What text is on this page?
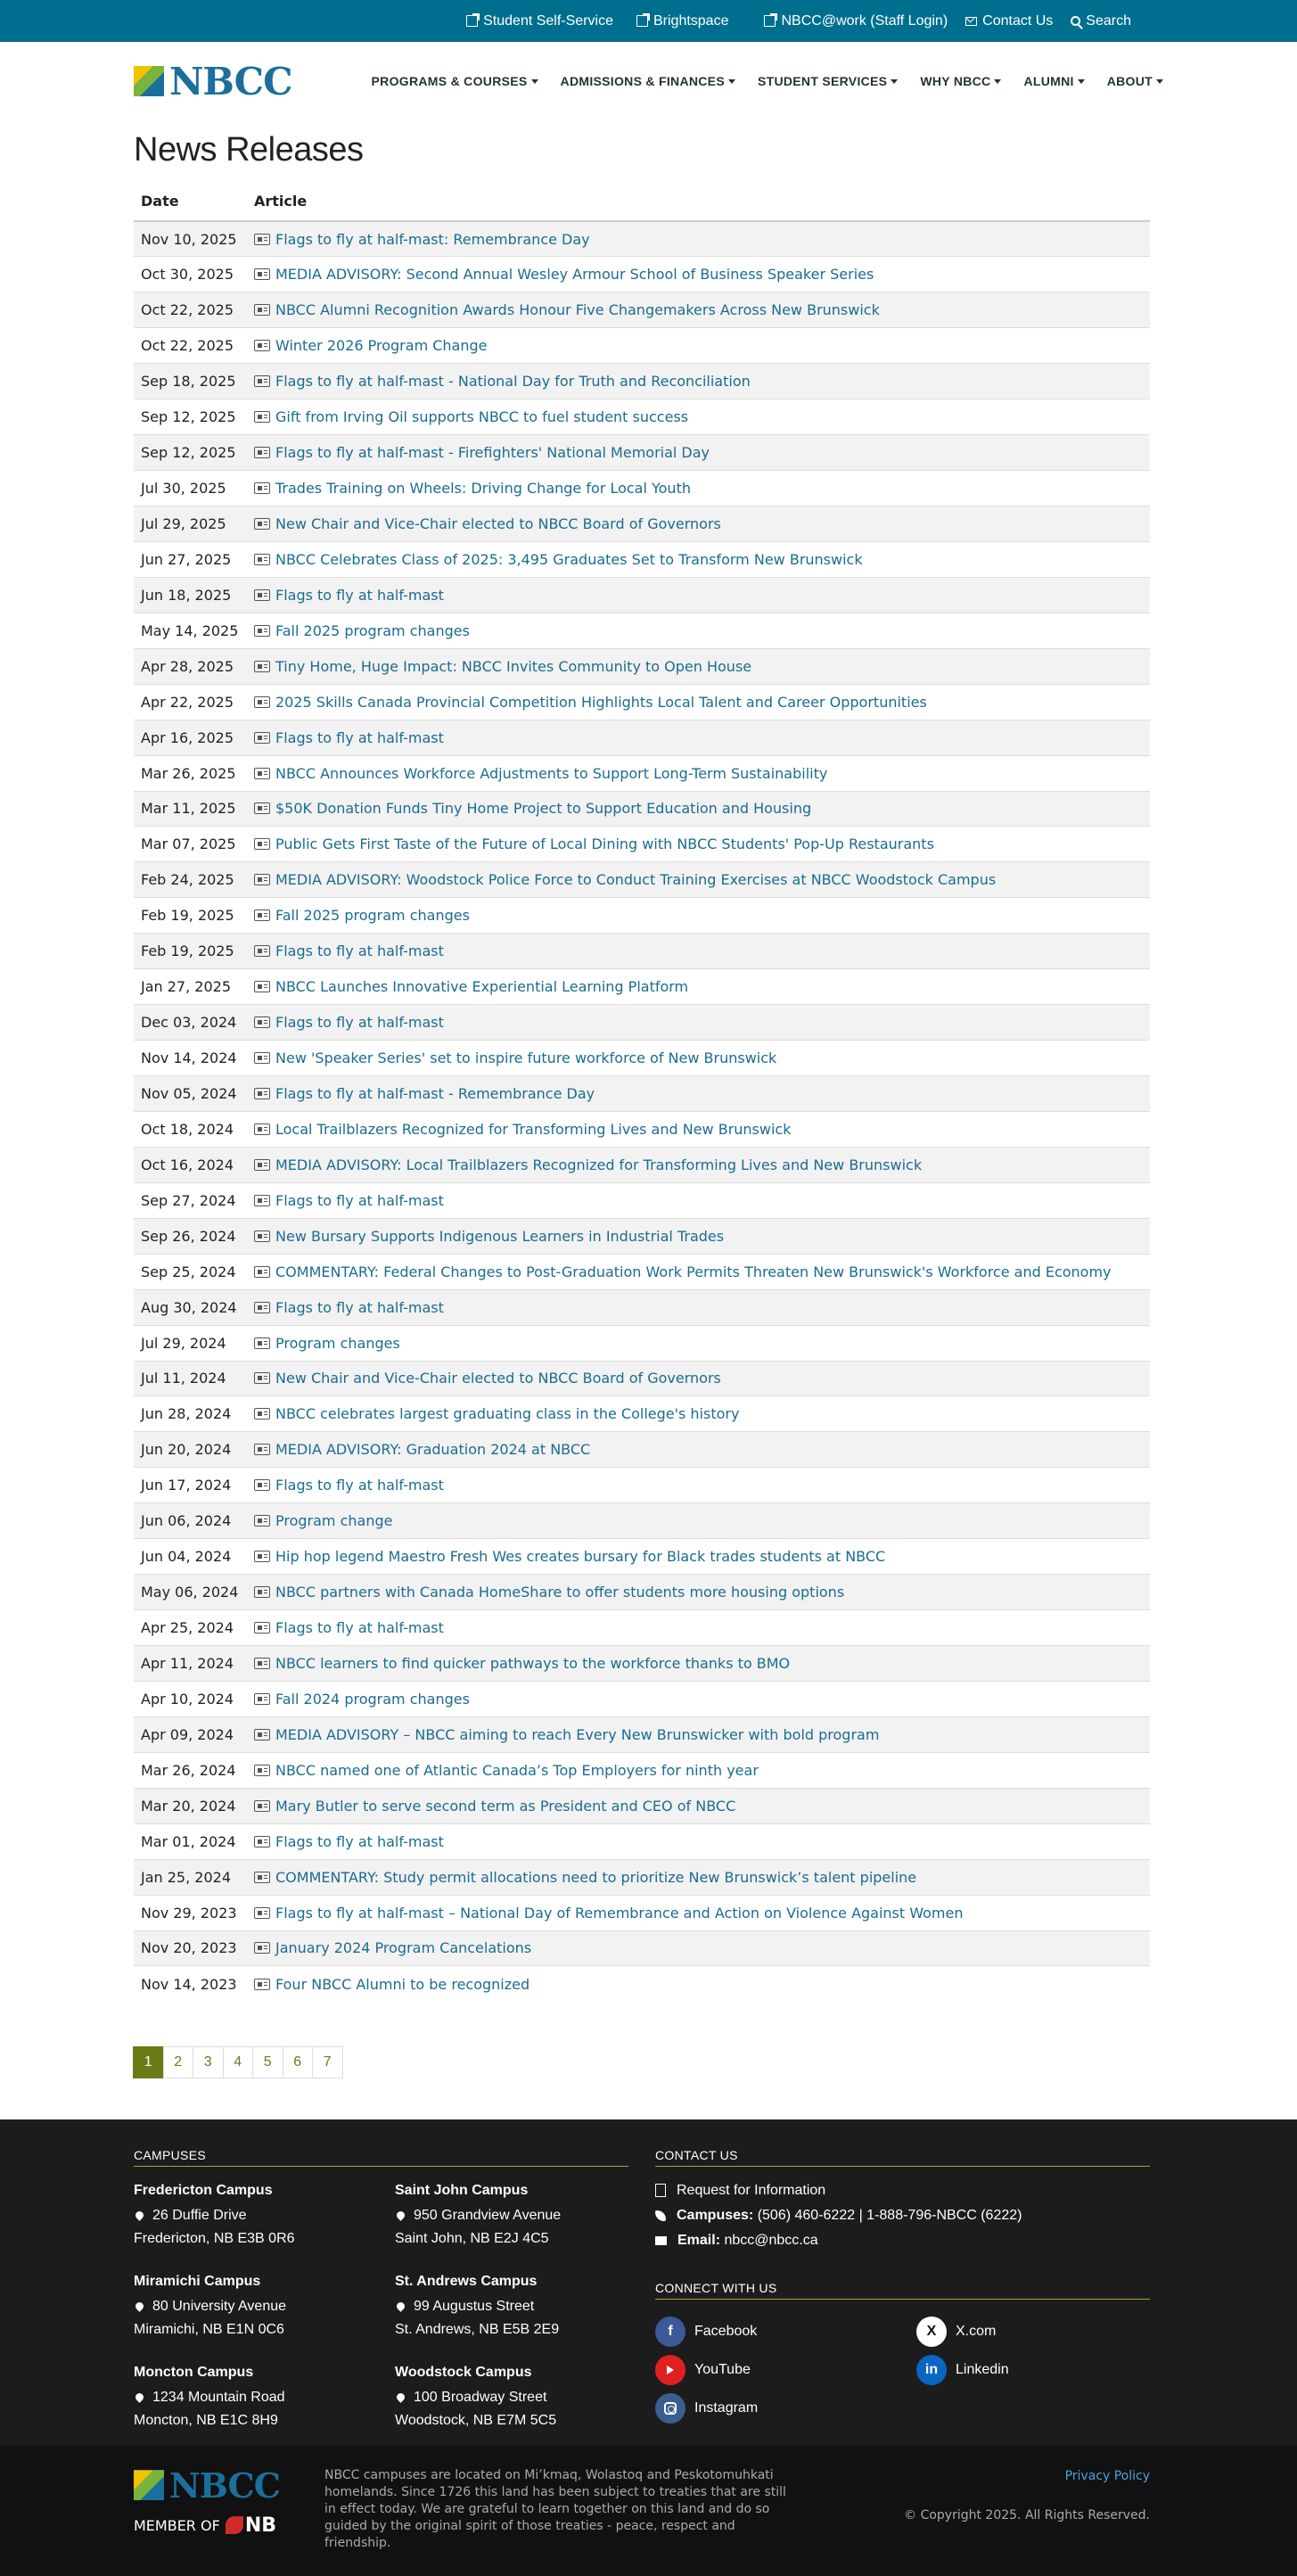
Student Self-Service	Brightspace	NBCC@work (Staff Login) Contact Us Search
NBCC	PROGRAMS & COURSES	ADMISSIONS & FINANCES	STUDENT SERVICES	WHY NBCC	ALUMNI	ABOUT
News Releases
Date	Article
Nov 10, 2025	Flags to fly at half-mast: Remembrance Day
Oct 30, 2025	MEDIA ADVISORY: Second Annual Wesley Armour School of Business Speaker Series
Oct 22, 2025	NBCC Alumni Recognition Awards Honour Five Changemakers Across New Brunswick
Oct 22, 2025	Winter 2026 Program Change
Sep 18, 2025	Flags to fly at half-mast - National Day for Truth and Reconciliation
Sep 12, 2025	Gift from Irving Oil supports NBCC to fuel student success
Sep 12, 2025	Flags to fly at half-mast - Firefighters' National Memorial Day
Jul 30, 2025	Trades Training on Wheels: Driving Change for Local Youth
Jul 29, 2025	New Chair and Vice-Chair elected to NBCC Board of Governors
Jun 27, 2025	NBCC Celebrates Class of 2025: 3,495 Graduates Set to Transform New Brunswick
Jun 18, 2025	Flags to fly at half-mast
May 14, 2025	Fall 2025 program changes
Apr 28, 2025	Tiny Home, Huge Impact: NBCC Invites Community to Open House
Apr 22, 2025	2025 Skills Canada Provincial Competition Highlights Local Talent and Career Opportunities
Apr 16, 2025	Flags to fly at half-mast
Mar 26, 2025	NBCC Announces Workforce Adjustments to Support Long-Term Sustainability
Mar 11, 2025	$50K Donation Funds Tiny Home Project to Support Education and Housing
Mar 07, 2025	Public Gets First Taste of the Future of Local Dining with NBCC Students' Pop-Up Restaurants
Feb 24, 2025	MEDIA ADVISORY: Woodstock Police Force to Conduct Training Exercises at NBCC Woodstock Campus
Feb 19, 2025	Fall 2025 program changes
Feb 19, 2025	Flags to fly at half-mast
Jan 27, 2025	NBCC Launches Innovative Experiential Learning Platform
Dec 03, 2024	Flags to fly at half-mast
Nov 14, 2024	New 'Speaker Series' set to inspire future workforce of New Brunswick
Nov 05, 2024	Flags to fly at half-mast - Remembrance Day
Oct 18, 2024	Local Trailblazers Recognized for Transforming Lives and New Brunswick
Oct 16, 2024	MEDIA ADVISORY: Local Trailblazers Recognized for Transforming Lives and New Brunswick
Sep 27, 2024	Flags to fly at half-mast
Sep 26, 2024	New Bursary Supports Indigenous Learners in Industrial Trades
Sep 25, 2024	COMMENTARY: Federal Changes to Post-Graduation Work Permits Threaten New Brunswick's Workforce and Economy
Aug 30, 2024	Flags to fly at half-mast
Jul 29, 2024	Program changes
Jul 11, 2024	New Chair and Vice-Chair elected to NBCC Board of Governors
Jun 28, 2024	NBCC celebrates largest graduating class in the College's history
Jun 20, 2024	MEDIA ADVISORY: Graduation 2024 at NBCC
Jun 17, 2024	Flags to fly at half-mast
Jun 06, 2024	Program change
Jun 04, 2024	Hip hop legend Maestro Fresh Wes creates bursary for Black trades students at NBCC
May 06, 2024	NBCC partners with Canada HomeShare to offer students more housing options
Apr 25, 2024	Flags to fly at half-mast
Apr 11, 2024	NBCC learners to find quicker pathways to the workforce thanks to BMO
Apr 10, 2024	Fall 2024 program changes
Apr 09, 2024	MEDIA ADVISORY – NBCC aiming to reach Every New Brunswicker with bold program
Mar 26, 2024	NBCC named one of Atlantic Canada’s Top Employers for ninth year
Mar 20, 2024	Mary Butler to serve second term as President and CEO of NBCC
Mar 01, 2024	Flags to fly at half-mast
Jan 25, 2024	COMMENTARY: Study permit allocations need to prioritize New Brunswick’s talent pipeline
Nov 29, 2023	Flags to fly at half-mast – National Day of Remembrance and Action on Violence Against Women
Nov 20, 2023	January 2024 Program Cancelations
Nov 14, 2023	Four NBCC Alumni to be recognized
1	2	3	4	5	6	7
CAMPUSES
Fredericton Campus
26 Duffie Drive
Fredericton, NB E3B 0R6
Saint John Campus
950 Grandview Avenue
Saint John, NB E2J 4C5
Miramichi Campus
80 University Avenue
Miramichi, NB E1N 0C6
St. Andrews Campus
99 Augustus Street
St. Andrews, NB E5B 2E9
Moncton Campus
1234 Mountain Road
Moncton, NB E1C 8H9
Woodstock Campus
100 Broadway Street
Woodstock, NB E7M 5C5
CONTACT US
Request for Information
Campuses:
(506) 460-6222 | 1-888-796-NBCC (6222)
Email:
nbcc@nbcc.ca
CONNECT WITH US
f	Facebook	X	X.com
YouTube	in	Linkedin
Instagram
NBCC
MEMBER OF NB
NBCC campuses are located on Mi’kmaq, Wolastoq and Peskotomuhkati homelands. Since 1726 this land has been subject to treaties that are still in effect today. We are grateful to learn together on this land and do so guided by the original spirit of those treaties - peace, respect and friendship.
Privacy Policy
© Copyright 2025. All Rights Reserved.
